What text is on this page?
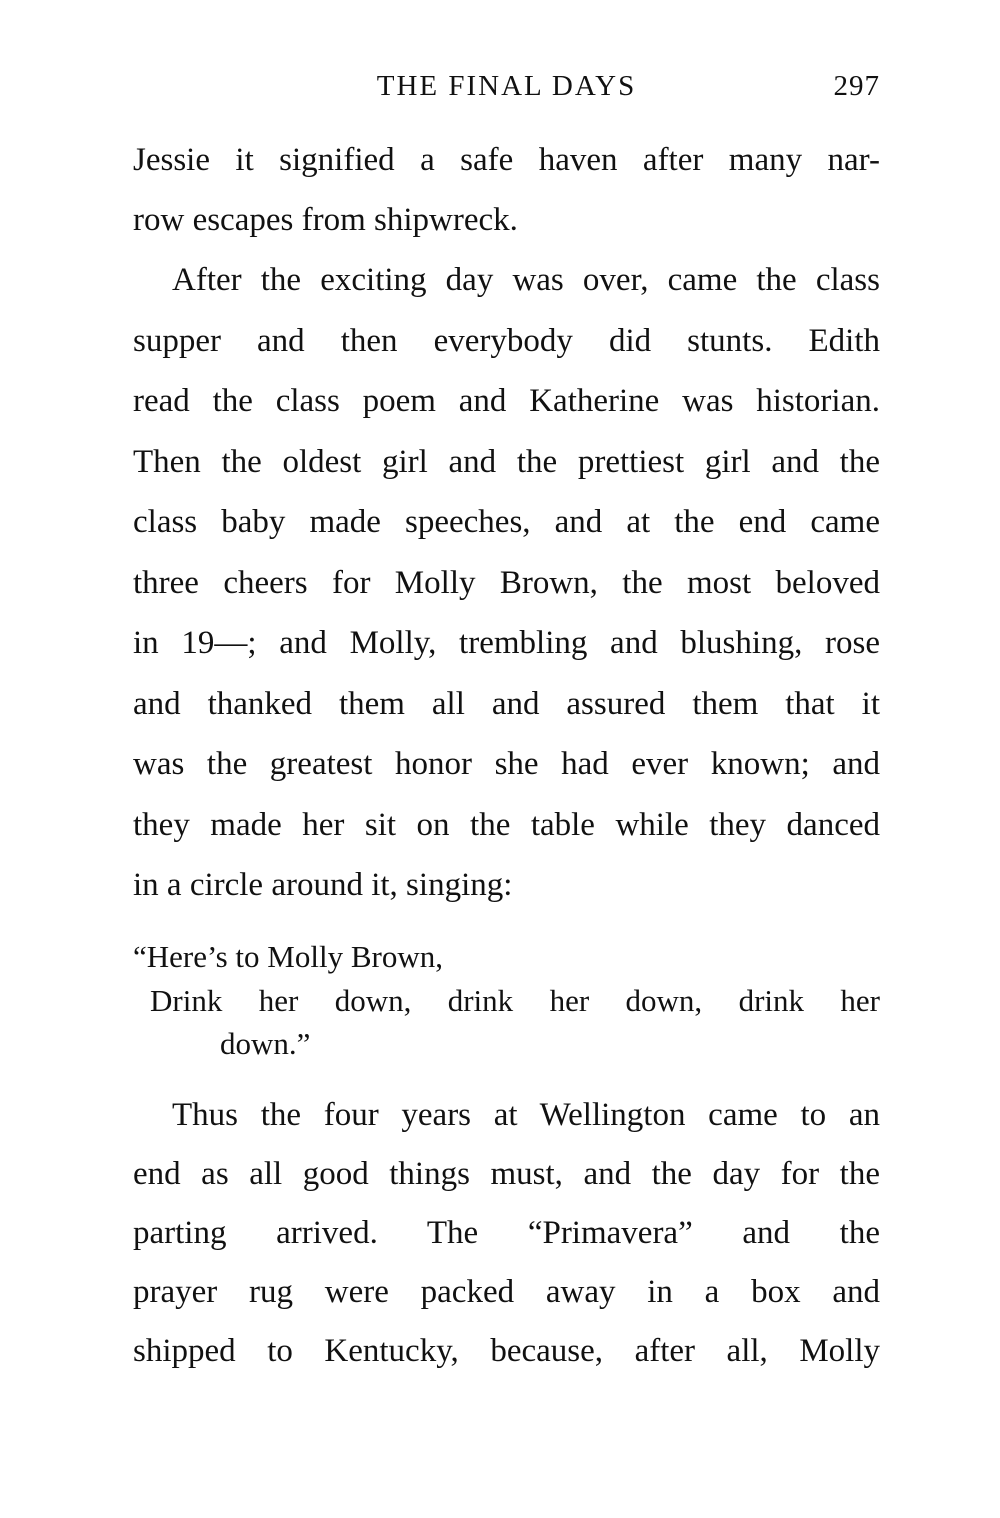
THE FINAL DAYS	297
Jessie it signified a safe haven after many nar-
row escapes from shipwreck.
After the exciting day was over, came the class
supper and then everybody did stunts. Edith
read the class poem and Katherine was historian.
Then the oldest girl and the prettiest girl and the
class baby made speeches, and at the end came
three cheers for Molly Brown, the most beloved
in 19—; and Molly, trembling and blushing, rose
and thanked them all and assured them that it
was the greatest honor she had ever known; and
they made her sit on the table while they danced
in a circle around it, singing:
“Here’s to Molly Brown,
Drink her down, drink her down, drink her
down.”
Thus the four years at Wellington came to an
end as all good things must, and the day for the
parting arrived. The “Primavera” and the
prayer rug were packed away in a box and
shipped to Kentucky, because, after all, Molly
